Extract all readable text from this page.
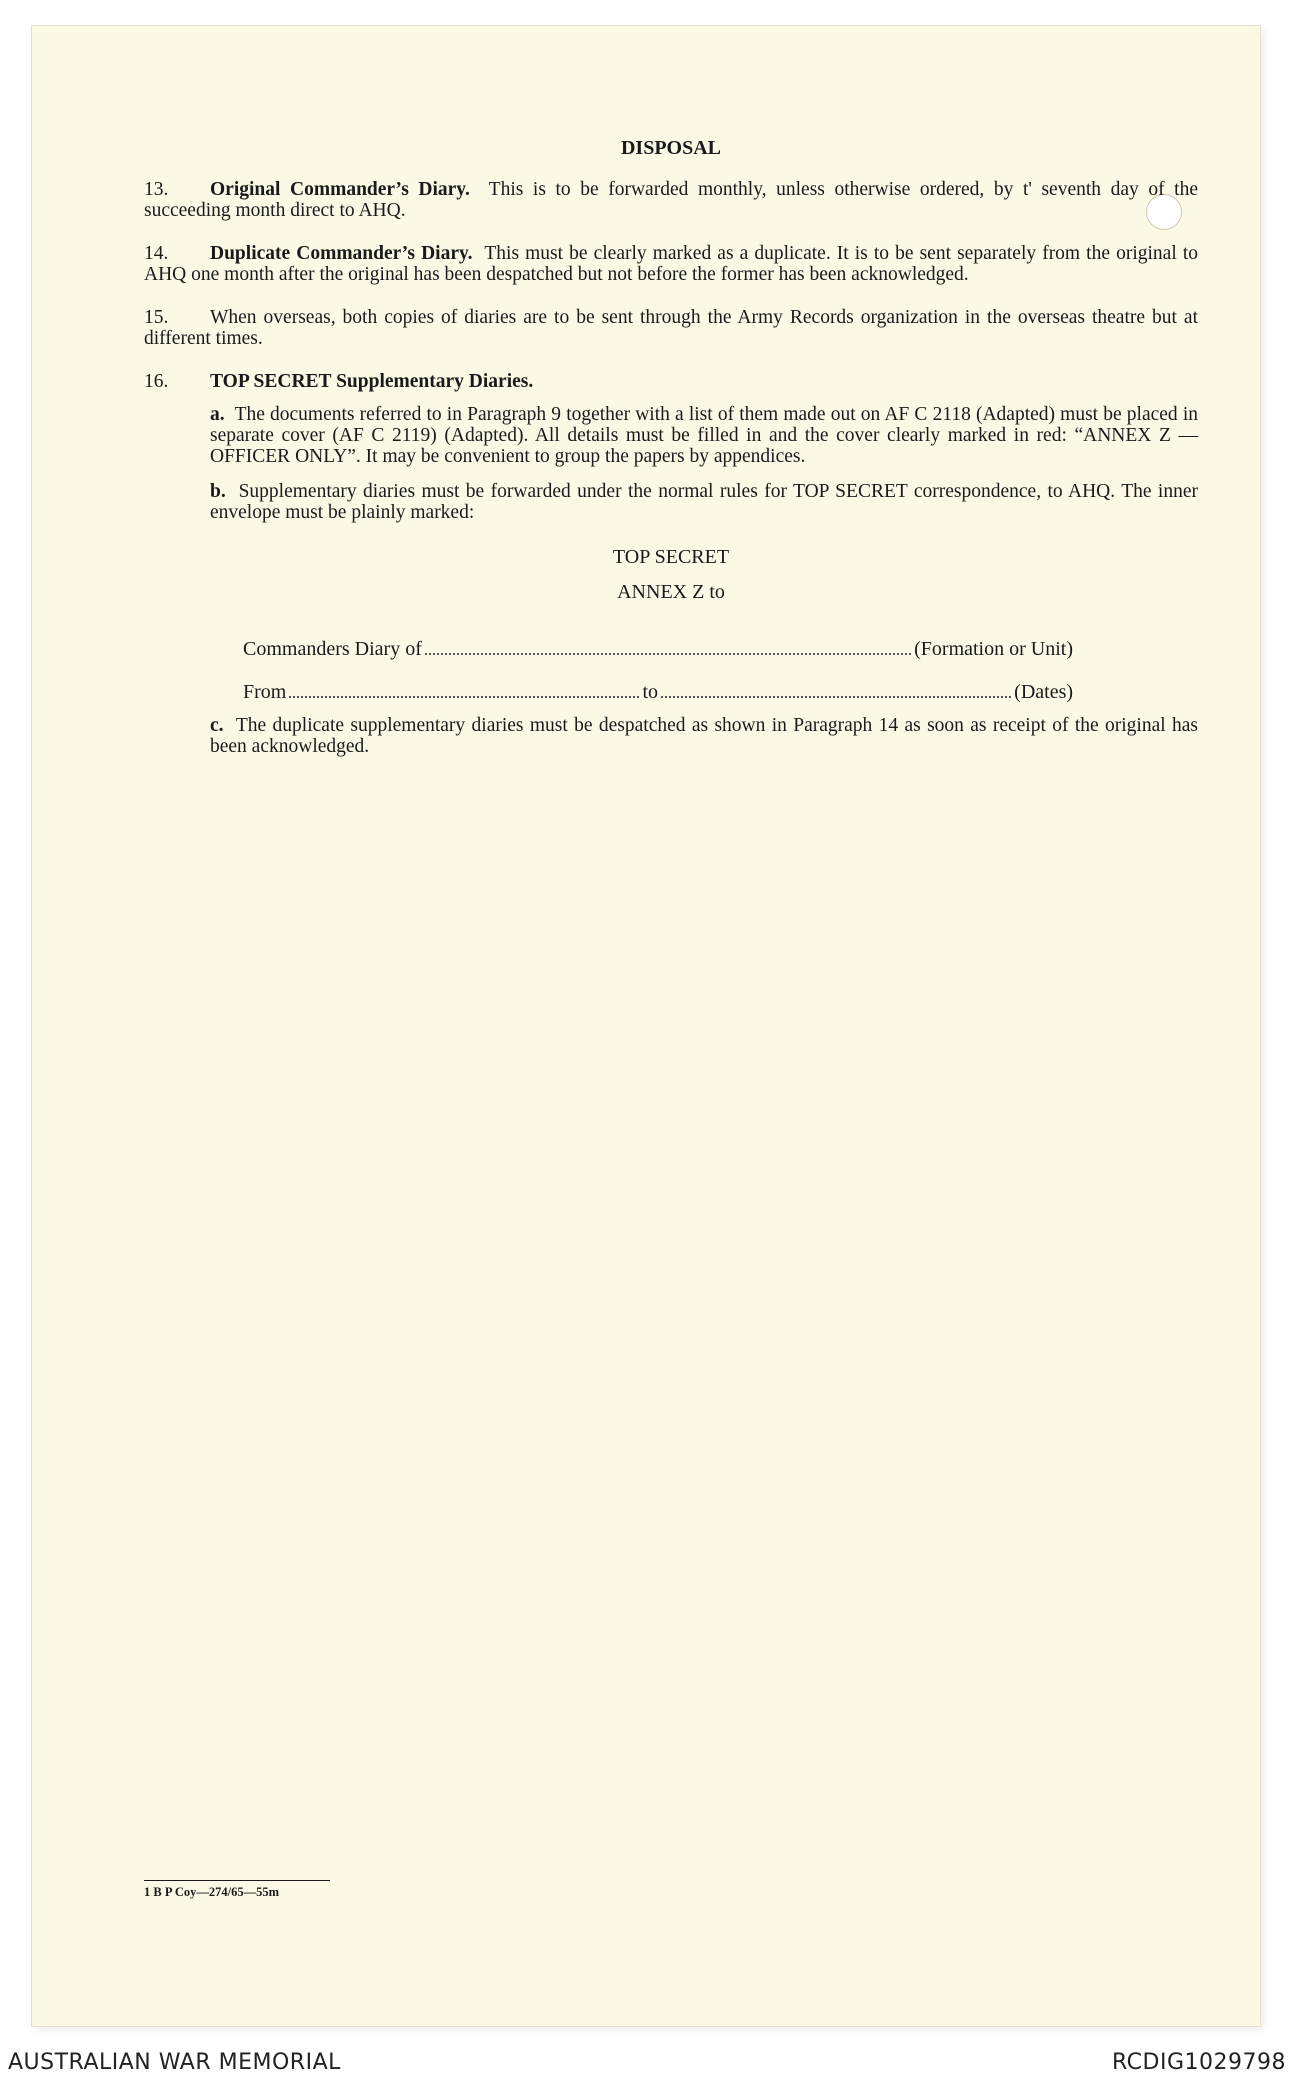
DISPOSAL
13. Original Commander’s Diary. This is to be forwarded monthly, unless otherwise ordered, by t' seventh day of the succeeding month direct to AHQ.
14. Duplicate Commander’s Diary. This must be clearly marked as a duplicate. It is to be sent separately from the original to AHQ one month after the original has been despatched but not before the former has been acknowledged.
15. When overseas, both copies of diaries are to be sent through the Army Records organization in the overseas theatre but at different times.
16. TOP SECRET Supplementary Diaries.
a. The documents referred to in Paragraph 9 together with a list of them made out on AF C 2118 (Adapted) must be placed in separate cover (AF C 2119) (Adapted). All details must be filled in and the cover clearly marked in red: “ANNEX Z — OFFICER ONLY”. It may be convenient to group the papers by appendices.
b. Supplementary diaries must be forwarded under the normal rules for TOP SECRET correspondence, to AHQ. The inner envelope must be plainly marked:
TOP SECRET
ANNEX Z to
Commanders Diary of	(Formation or Unit)
From	to	(Dates)
c. The duplicate supplementary diaries must be despatched as shown in Paragraph 14 as soon as receipt of the original has been acknowledged.
1 B P Coy—274/65—55m
AUSTRALIAN WAR MEMORIAL	RCDIG1029798
